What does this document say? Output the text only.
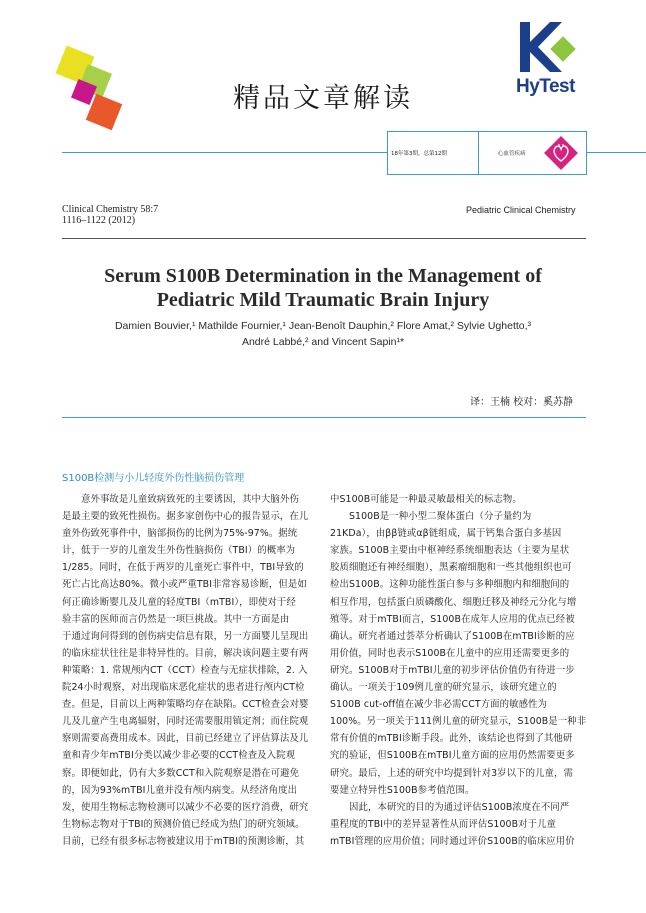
精品文章解读	HyTest
18年第3期，总第12期	心血管疾病
Clinical Chemistry 58:7
1116–1122 (2012)
Pediatric Clinical Chemistry
Serum S100B Determination in the Management of
Pediatric Mild Traumatic Brain Injury
Damien Bouvier,¹ Mathilde Fournier,¹ Jean-Benoît Dauphin,² Flore Amat,² Sylvie Ughetto,³
André Labbé,² and Vincent Sapin¹*
译：王楠 校对：奚苏静
S100B检测与小儿轻度外伤性脑损伤管理
意外事故是儿童致病致死的主要诱因，其中大脑外伤
是最主要的致死性损伤。据多家创伤中心的报告显示，在儿
童外伤致死事件中，脑部损伤的比例为75%-97%。据统
计，低于一岁的儿童发生外伤性脑损伤（TBI）的概率为
1/285。同时，在低于两岁的儿童死亡事件中，TBI导致的
死亡占比高达80%。微小或严重TBI非常容易诊断，但是如
何正确诊断婴儿及儿童的轻度TBI（mTBI），即使对于经
验丰富的医师而言仍然是一项巨挑战。其中一方面是由
于通过询问得到的创伤病史信息有限，另一方面婴儿呈现出
的临床症状往往是非特异性的。目前，解决该问题主要有两
种策略：1. 常规颅内CT（CCT）检查与无症状排除，2. 入
院24小时观察，对出现临床恶化症状的患者进行颅内CT检
查。但是，目前以上两种策略均存在缺陷。CCT检查会对婴
儿及儿童产生电离辐射，同时还需要服用镇定剂；而住院观
察则需要高费用成本。因此，目前已经建立了评估算法及儿
童和青少年mTBI分类以减少非必要的CCT检查及入院观
察。即便如此，仍有大多数CCT和入院观察是潜在可避免
的，因为93%mTBI儿童并没有颅内病变。从经济角度出
发，使用生物标志物检测可以减少不必要的医疗消费，研究
生物标志物对于TBI的预测价值已经成为热门的研究领域。
目前，已经有很多标志物被建议用于mTBI的预测诊断，其
中S100B可能是一种最灵敏最相关的标志物。
S100B是一种小型二聚体蛋白（分子量约为
21KDa），由ββ链或αβ链组成，属于钙集合蛋白多基因
家族。S100B主要由中枢神经系统细胞表达（主要为星状
胶质细胞还有神经细胞），黑素瘤细胞和一些其他组织也可
检出S100B。这种功能性蛋白参与多种细胞内和细胞间的
相互作用，包括蛋白质磷酸化、细胞迁移及神经元分化与增
殖等。对于mTBI而言，S100B在成年人应用的优点已经被
确认。研究者通过荟萃分析确认了S100B在mTBI诊断的应
用价值，同时也表示S100B在儿童中的应用还需要更多的
研究。S100B对于mTBI儿童的初步评估价值仍有待进一步
确认。一项关于109例儿童的研究显示，该研究建立的
S100B cut-off值在减少非必需CCT方面的敏感性为
100%。另一项关于111例儿童的研究显示，S100B是一种非
常有价值的mTBI诊断手段。此外，该结论也得到了其他研
究的验证，但S100B在mTBI儿童方面的应用仍然需要更多
研究。最后，上述的研究中均提到针对3岁以下的儿童，需
要建立特异性S100B参考值范围。
因此，本研究的目的为通过评估S100B浓度在不同严
重程度的TBI中的差异显著性从而评估S100B对于儿童
mTBI管理的应用价值；同时通过评价S100B的临床应用价
